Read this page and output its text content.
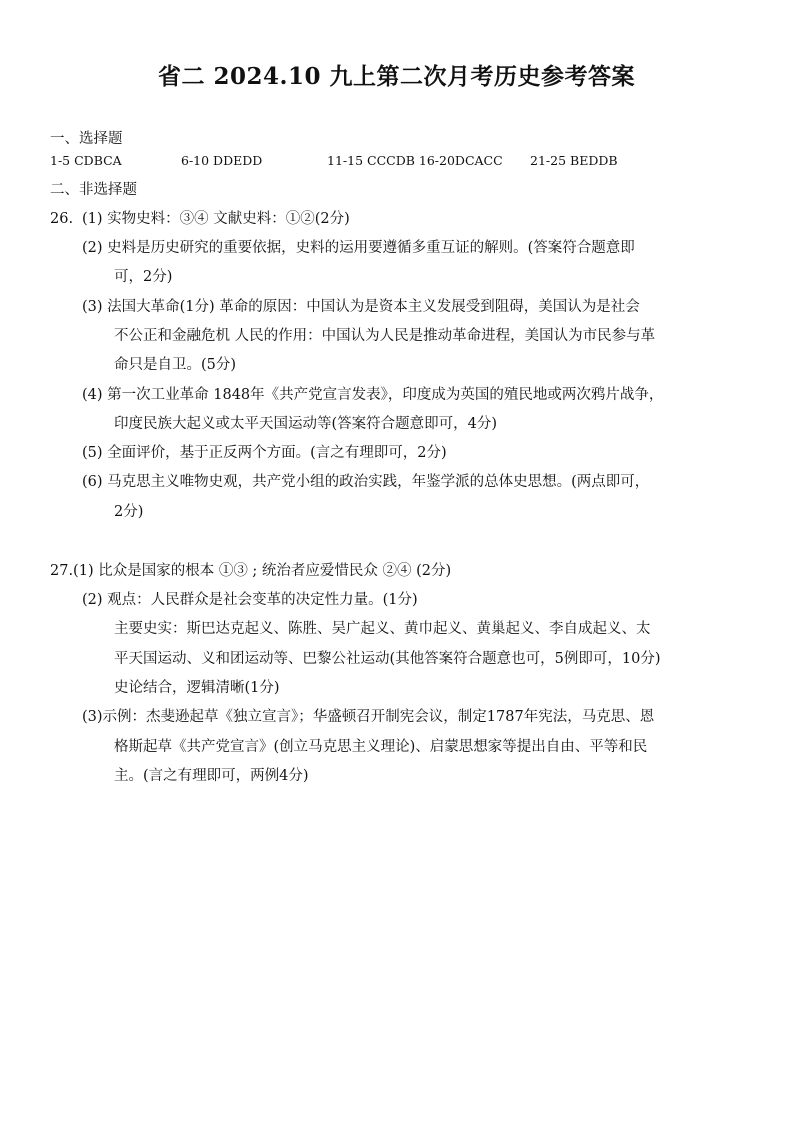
省二 2024.10 九上第二次月考历史参考答案
一、选择题
1-5 CDBCA	6-10 DDEDD	11-15 CCCDB 16-20DCACC 21-25 BEDDB
二、非选择题
26. (1) 实物史料：③④ 文献史料：①②(2分)
(2) 史料是历史研究的重要依据，史料的运用要遵循多重互证的解则。(答案符合题意即
可，2分)
(3) 法国大革命(1分) 革命的原因：中国认为是资本主义发展受到阻碍，美国认为是社会
不公正和金融危机 人民的作用：中国认为人民是推动革命进程，美国认为市民参与革
命只是自卫。(5分)
(4) 第一次工业革命 1848年《共产党宣言发表》，印度成为英国的殖民地或两次鸦片战争，
印度民族大起义或太平天国运动等(答案符合题意即可，4分)
(5) 全面评价，基于正反两个方面。(言之有理即可，2分)
(6) 马克思主义唯物史观，共产党小组的政治实践，年鉴学派的总体史思想。(两点即可，
2分)
27.(1) 比众是国家的根本 ①③ ; 统治者应爱惜民众 ②④ (2分)
(2) 观点：人民群众是社会变革的决定性力量。(1分)
主要史实：斯巴达克起义、陈胜、吴广起义、黄巾起义、黄巢起义、李自成起义、太
平天国运动、义和团运动等、巴黎公社运动(其他答案符合题意也可，5例即可，10分)
史论结合，逻辑清晰(1分)
(3)示例：杰斐逊起草《独立宣言》；华盛顿召开制宪会议，制定1787年宪法，马克思、恩
格斯起草《共产党宣言》(创立马克思主义理论)、启蒙思想家等提出自由、平等和民
主。(言之有理即可，两例4分)
